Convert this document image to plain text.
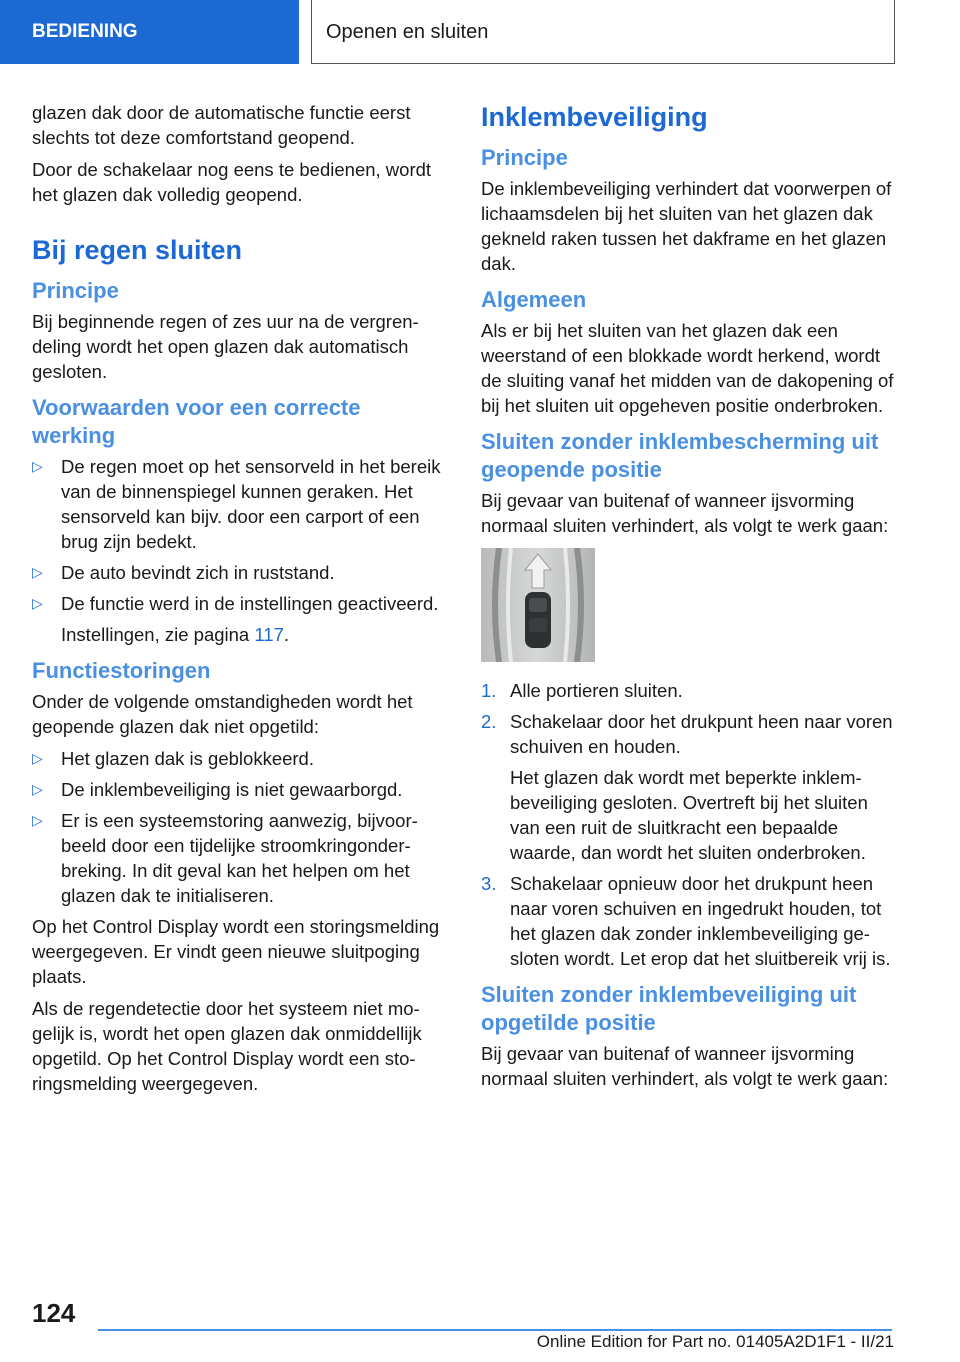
BEDIENING	Openen en sluiten

glazen dak door de automatische functie eerst slechts tot deze comfortstand geopend.

Door de schakelaar nog eens te bedienen, wordt het glazen dak volledig geopend.

Bij regen sluiten
Principe

Bij beginnende regen of zes uur na de vergrendeling wordt het open glazen dak automatisch gesloten.

Voorwaarden voor een correcte werking
▷ De regen moet op het sensorveld in het bereik van de binnenspiegel kunnen geraken. Het sensorveld kan bijv. door een carport of een brug zijn bedekt.
▷ De auto bevindt zich in ruststand.
▷ De functie werd in de instellingen geactiveerd.
Instellingen, zie pagina 117.
Functiestoringen

Onder de volgende omstandigheden wordt het geopende glazen dak niet opgetild:

▷ Het glazen dak is geblokkeerd.
▷ De inklembeveiliging is niet gewaarborgd.
▷ Er is een systeemstoring aanwezig, bijvoorbeeld door een tijdelijke stroomkringonderbreking. In dit geval kan het helpen om het glazen dak te initialiseren.

Op het Control Display wordt een storingsmelding weergegeven. Er vindt geen nieuwe sluitpoging plaats.

Als de regendetectie door het systeem niet mogelijk is, wordt het open glazen dak onmiddellijk opgetild. Op het Control Display wordt een storingsmelding weergegeven.

Inklembeveiliging
Principe

De inklembeveiliging verhindert dat voorwerpen of lichaamsdelen bij het sluiten van het glazen dak gekneld raken tussen het dakframe en het glazen dak.

Algemeen

Als er bij het sluiten van het glazen dak een weerstand of een blokkade wordt herkend, wordt de sluiting vanaf het midden van de dakopening of bij het sluiten uit opgeheven positie onderbroken.

Sluiten zonder inklembescherming uit geopende positie

Bij gevaar van buitenaf of wanneer ijsvorming normaal sluiten verhindert, als volgt te werk gaan:

1. Alle portieren sluiten.
2. Schakelaar door het drukpunt heen naar voren schuiven en houden.
Het glazen dak wordt met beperkte inklembeveiliging gesloten. Overtreft bij het sluiten van een ruit de sluitkracht een bepaalde waarde, dan wordt het sluiten onderbroken.
3. Schakelaar opnieuw door het drukpunt heen naar voren schuiven en ingedrukt houden, tot het glazen dak zonder inklembeveiliging gesloten wordt. Let erop dat het sluitbereik vrij is.
Sluiten zonder inklembeveiliging uit opgetilde positie

Bij gevaar van buitenaf of wanneer ijsvorming normaal sluiten verhindert, als volgt te werk gaan:

124
Online Edition for Part no. 01405A2D1F1 - II/21
